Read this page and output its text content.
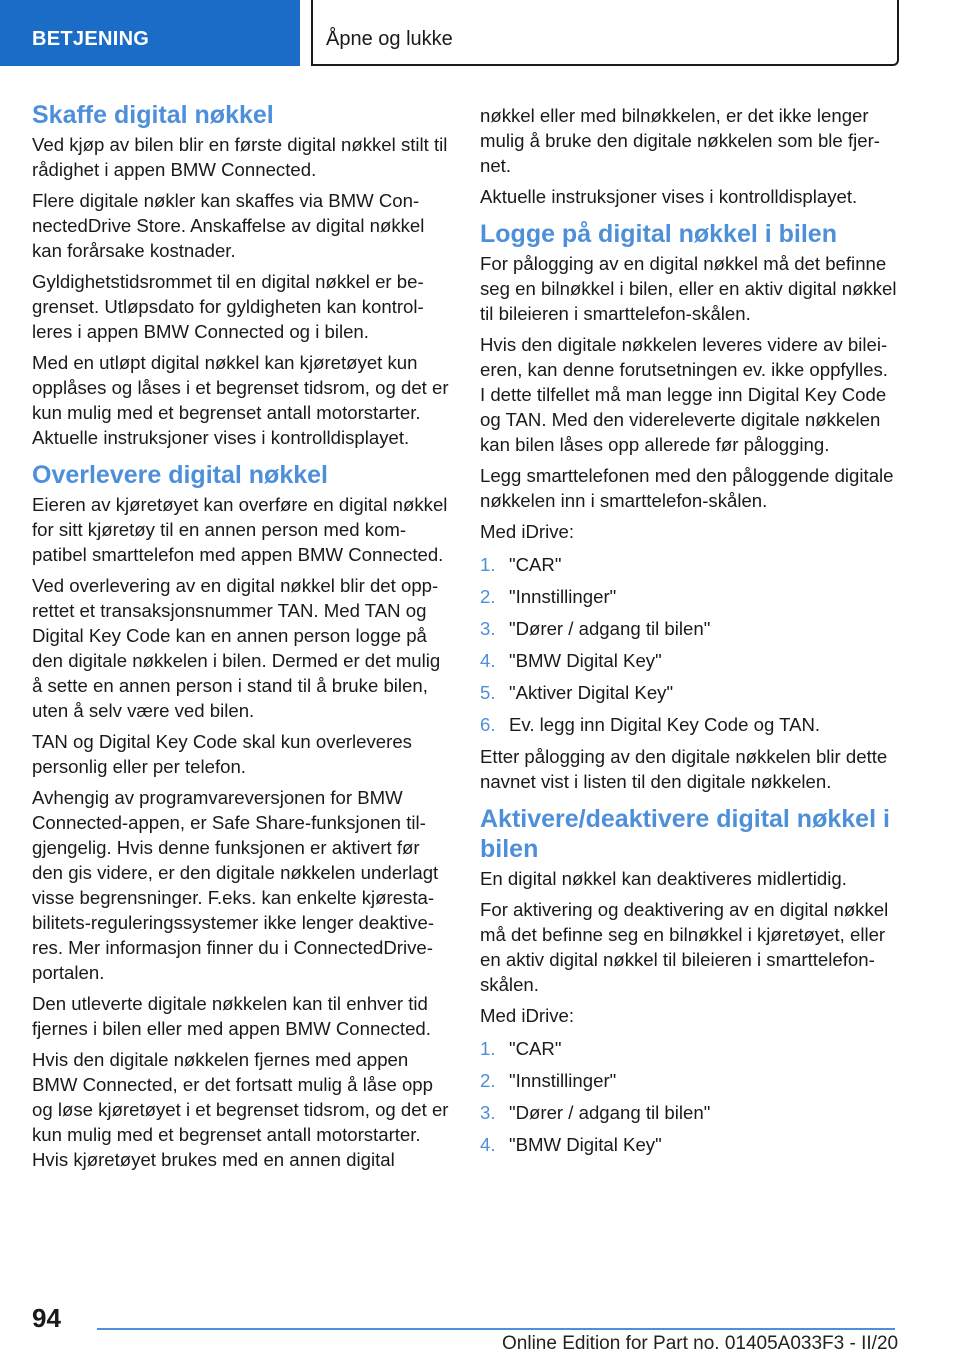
BETJENING	Åpne og lukke
Skaffe digital nøkkel

Ved kjøp av bilen blir en første digital nøkkel stilt til rådighet i appen BMW Connected.

Flere digitale nøkler kan skaffes via BMW ConnectedDrive Store. Anskaffelse av digital nøkkel kan forårsake kostnader.

Gyldighetstidsrommet til en digital nøkkel er begrenset. Utløpsdato for gyldigheten kan kontrolleres i appen BMW Connected og i bilen.

Med en utløpt digital nøkkel kan kjøretøyet kun opplåses og låses i et begrenset tidsrom, og det er kun mulig med et begrenset antall motorstarter. Aktuelle instruksjoner vises i kontrolldisplayet.

Overlevere digital nøkkel

Eieren av kjøretøyet kan overføre en digital nøkkel for sitt kjøretøy til en annen person med kompatibel smarttelefon med appen BMW Connected.

Ved overlevering av en digital nøkkel blir det opprettet et transaksjonsnummer TAN. Med TAN og Digital Key Code kan en annen person logge på den digitale nøkkelen i bilen. Dermed er det mulig å sette en annen person i stand til å bruke bilen, uten å selv være ved bilen.

TAN og Digital Key Code skal kun overleveres personlig eller per telefon.

Avhengig av programvareversjonen for BMW Connected-appen, er Safe Share-funksjonen tilgjengelig. Hvis denne funksjonen er aktivert før den gis videre, er den digitale nøkkelen underlagt visse begrensninger. F.eks. kan enkelte kjørestabilitets-reguleringssystemer ikke lenger deaktiveres. Mer informasjon finner du i ConnectedDrive-portalen.

Den utleverte digitale nøkkelen kan til enhver tid fjernes i bilen eller med appen BMW Connected.

Hvis den digitale nøkkelen fjernes med appen BMW Connected, er det fortsatt mulig å låse opp og løse kjøretøyet i et begrenset tidsrom, og det er kun mulig med et begrenset antall motorstarter. Hvis kjøretøyet brukes med en annen digital

nøkkel eller med bilnøkkelen, er det ikke lenger mulig å bruke den digitale nøkkelen som ble fjernet.

Aktuelle instruksjoner vises i kontrolldisplayet.

Logge på digital nøkkel i bilen

For pålogging av en digital nøkkel må det befinne seg en bilnøkkel i bilen, eller en aktiv digital nøkkel til bileieren i smarttelefon-skålen.

Hvis den digitale nøkkelen leveres videre av bileieren, kan denne forutsetningen ev. ikke oppfylles. I dette tilfellet må man legge inn Digital Key Code og TAN. Med den videreleverte digitale nøkkelen kan bilen låses opp allerede før pålogging.

Legg smarttelefonen med den påloggende digitale nøkkelen inn i smarttelefon-skålen.

Med iDrive:

1. "CAR"
2. "Innstillinger"
3. "Dører / adgang til bilen"
4. "BMW Digital Key"
5. "Aktiver Digital Key"
6. Ev. legg inn Digital Key Code og TAN.

Etter pålogging av den digitale nøkkelen blir dette navnet vist i listen til den digitale nøkkelen.

Aktivere/deaktivere digital nøkkel i bilen

En digital nøkkel kan deaktiveres midlertidig.

For aktivering og deaktivering av en digital nøkkel må det befinne seg en bilnøkkel i kjøretøyet, eller en aktiv digital nøkkel til bileieren i smarttelefonskålen.

Med iDrive:

1. "CAR"
2. "Innstillinger"
3. "Dører / adgang til bilen"
4. "BMW Digital Key"
94
Online Edition for Part no. 01405A033F3 - II/20
